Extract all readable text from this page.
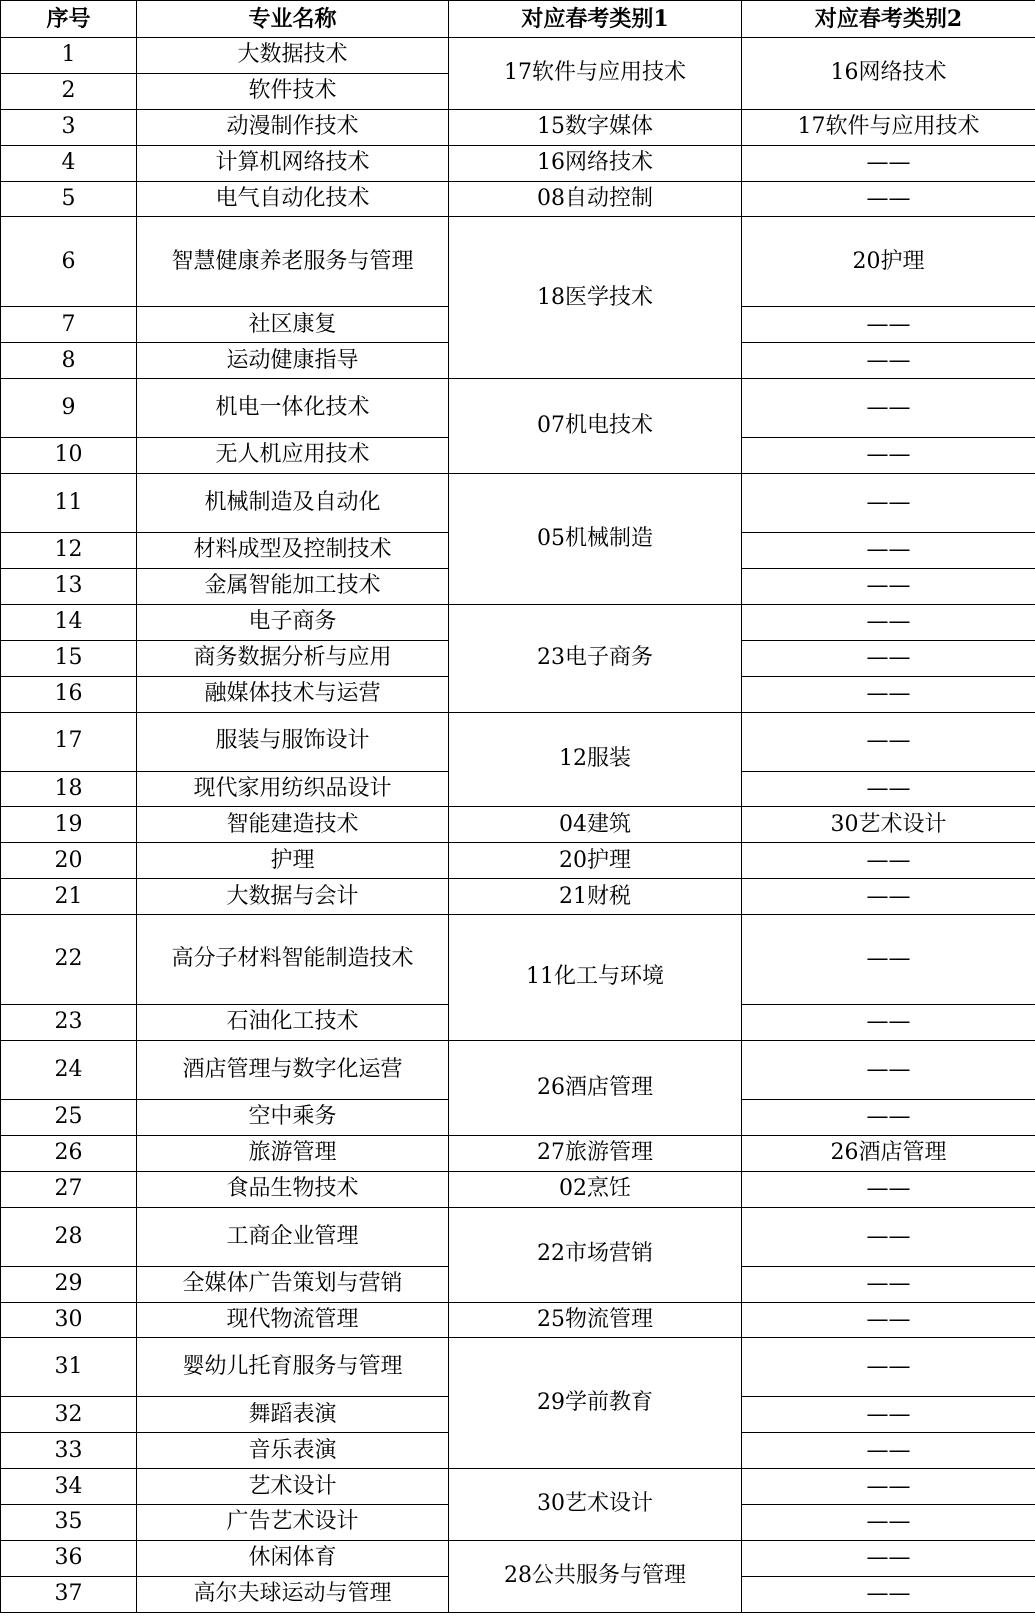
序号	专业名称	对应春考类别1	对应春考类别2
1	大数据技术	17软件与应用技术	16网络技术
2	软件技术		
3	动漫制作技术	15数字媒体	17软件与应用技术
4	计算机网络技术	16网络技术	——
5	电气自动化技术	08自动控制	——
6	智慧健康养老服务与管理	18医学技术	20护理
7	社区康复		——
8	运动健康指导		——
9	机电一体化技术	07机电技术	——
10	无人机应用技术		——
11	机械制造及自动化	05机械制造	——
12	材料成型及控制技术		——
13	金属智能加工技术		——
14	电子商务	23电子商务	——
15	商务数据分析与应用		——
16	融媒体技术与运营		——
17	服装与服饰设计	12服装	——
18	现代家用纺织品设计		——
19	智能建造技术	04建筑	30艺术设计
20	护理	20护理	——
21	大数据与会计	21财税	——
22	高分子材料智能制造技术	11化工与环境	——
23	石油化工技术		——
24	酒店管理与数字化运营	26酒店管理	——
25	空中乘务		——
26	旅游管理	27旅游管理	26酒店管理
27	食品生物技术	02烹饪	——
28	工商企业管理	22市场营销	——
29	全媒体广告策划与营销		——
30	现代物流管理	25物流管理	——
31	婴幼儿托育服务与管理	29学前教育	——
32	舞蹈表演		——
33	音乐表演		——
34	艺术设计	30艺术设计	——
35	广告艺术设计		——
36	休闲体育	28公共服务与管理	——
37	高尔夫球运动与管理		——
